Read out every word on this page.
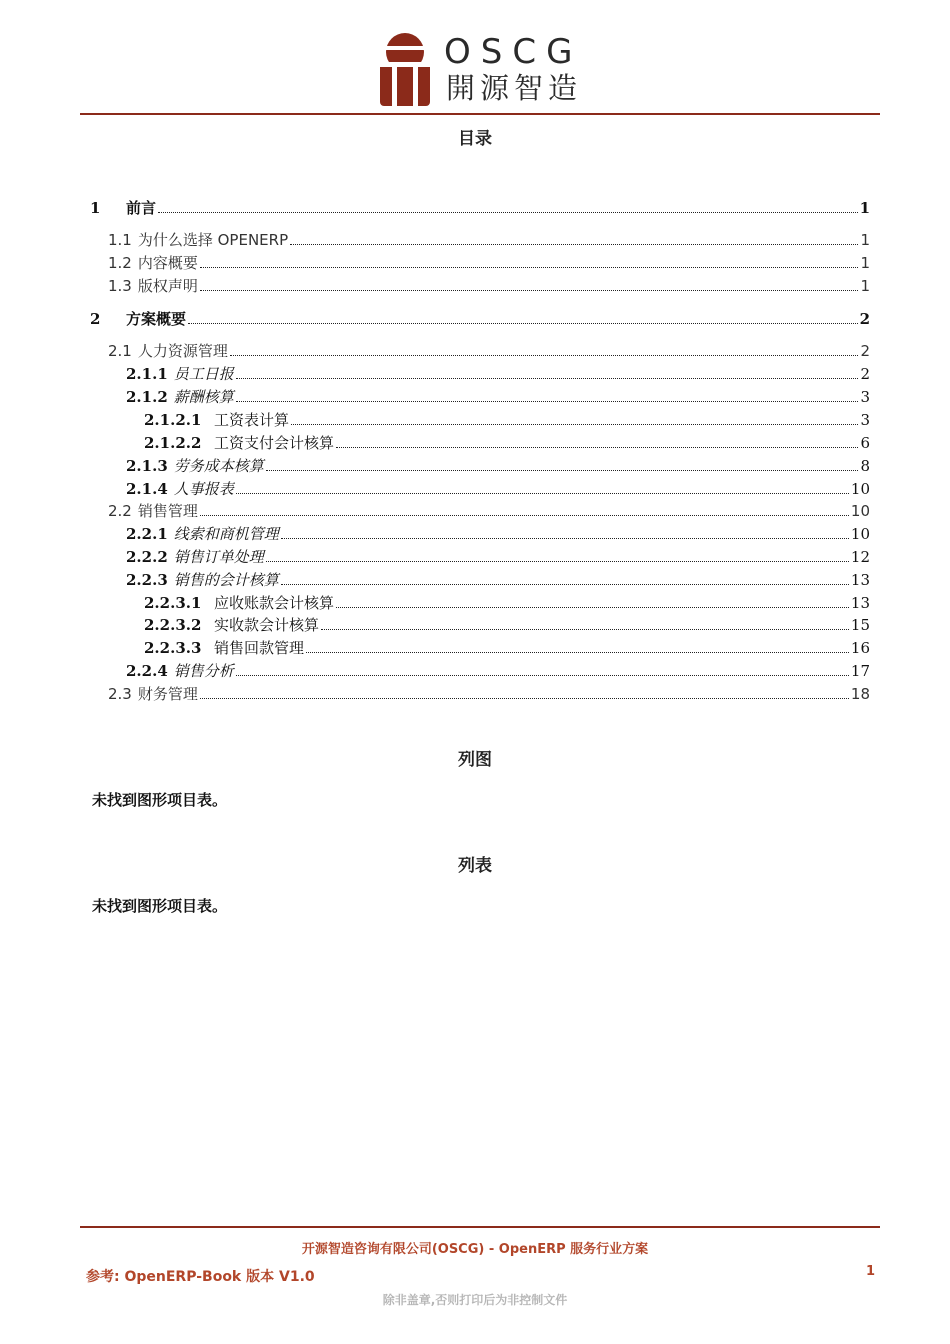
OSCG
開源智造
目录
1	前言	1
1.1 为什么选择 OPENERP	1
1.2 内容概要	1
1.3 版权声明	1
2	方案概要	2
2.1 人力资源管理	2
2.1.1 员工日报	2
2.1.2 薪酬核算	3
2.1.2.1 工资表计算	3
2.1.2.2 工资支付会计核算	6
2.1.3 劳务成本核算	8
2.1.4 人事报表	10
2.2 销售管理	10
2.2.1 线索和商机管理	10
2.2.2 销售订单处理	12
2.2.3 销售的会计核算	13
2.2.3.1 应收账款会计核算	13
2.2.3.2 实收款会计核算	15
2.2.3.3 销售回款管理	16
2.2.4 销售分析	17
2.3 财务管理	18
列图
未找到图形项目表。
列表
未找到图形项目表。
开源智造咨询有限公司(OSCG) - OpenERP 服务行业方案
参考: OpenERP-Book 版本 V1.0	1
除非盖章,否则打印后为非控制文件
